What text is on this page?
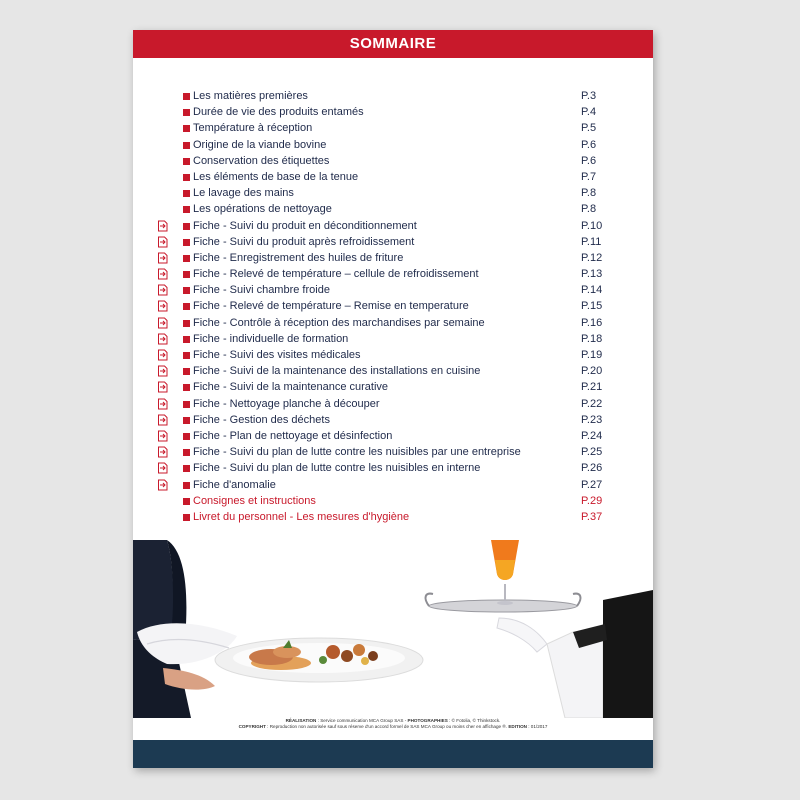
SOMMAIRE
Les matières premières	P.3
Durée de vie des produits entamés	P.4
Température à réception	P.5
Origine de la viande bovine	P.6
Conservation des étiquettes	P.6
Les éléments de base de la tenue	P.7
Le lavage des mains	P.8
Les opérations de nettoyage	P.8
Fiche - Suivi du produit en déconditionnement	P.10
Fiche - Suivi du produit après refroidissement	P.11
Fiche - Enregistrement des huiles de friture	P.12
Fiche - Relevé de température – cellule de refroidissement	P.13
Fiche - Suivi chambre froide	P.14
Fiche - Relevé de température – Remise en temperature	P.15
Fiche - Contrôle à réception des marchandises par semaine	P.16
Fiche - individuelle de formation	P.18
Fiche - Suivi des visites médicales	P.19
Fiche - Suivi de la maintenance des installations en cuisine	P.20
Fiche - Suivi de la maintenance curative	P.21
Fiche - Nettoyage planche à découper	P.22
Fiche - Gestion des déchets	P.23
Fiche - Plan de nettoyage et désinfection	P.24
Fiche - Suivi du plan de lutte contre les nuisibles par une entreprise	P.25
Fiche - Suivi du plan de lutte contre les nuisibles en interne	P.26
Fiche d'anomalie	P.27
Consignes et instructions	P.29
Livret du personnel - Les mesures d'hygiène	P.37
RÉALISATION : Service communication MCA Group SAS - PHOTOGRAPHIES : © Fotolia, © Thinkstock.
COPYRIGHT : Reproduction non autorisée sauf sous réserve d'un accord formel de SAS MCA Group ou moins cher en affichage ®. EDITION : 01/2017
